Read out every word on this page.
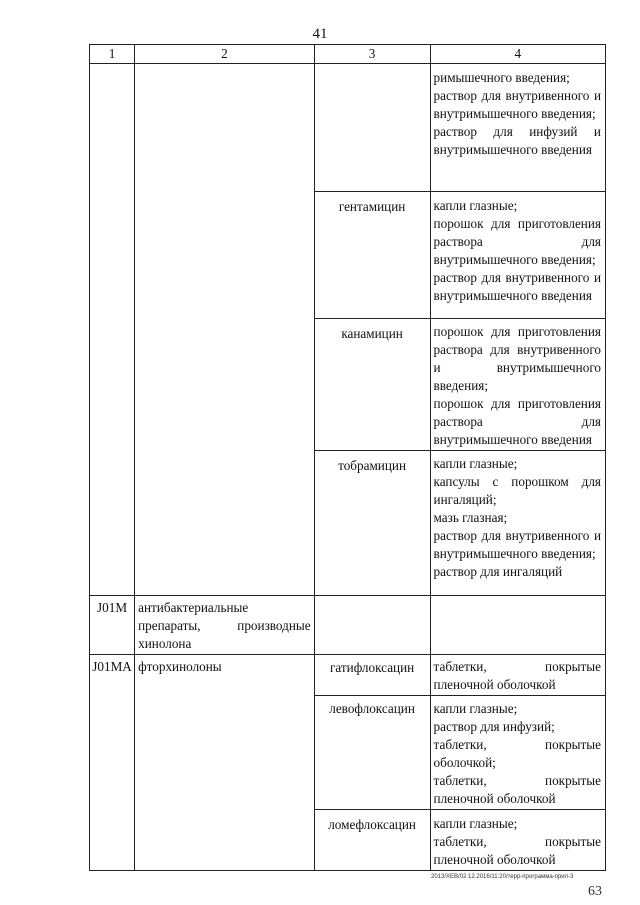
41
1	2	3	4

			римышечного введения;
раствор для внутривенного и внутримышечного введения;
раствор для инфузий и внутримышечного введения

		гентамицин	капли глазные;
порошок для приготовления раствора для внутримышечного введения;
раствор для внутривенного и внутримышечного введения

		канамицин	порошок для приготовления раствора для внутривенного и внутримышечного введения;
порошок для приготовления раствора для внутримышечного введения

		тобрамицин	капли глазные;
капсулы с порошком для ингаляций;
мазь глазная;
раствор для внутривенного и внутримышечного введения;
раствор для ингаляций

J01M	антибактериальные препараты, производные хинолона		
J01MA	фторхинолоны	гатифлоксацин	таблетки, покрытые пленочной оболочкой
		левофлоксацин	капли глазные;
раствор для инфузий;
таблетки, покрытые оболочкой;
таблетки, покрытые пленочной оболочкой

		ломефлоксацин	капли глазные;
таблетки, покрытые пленочной оболочкой
2013/ХЕВ/02 12.2016/11:20/терр-программа-прил-3
63
